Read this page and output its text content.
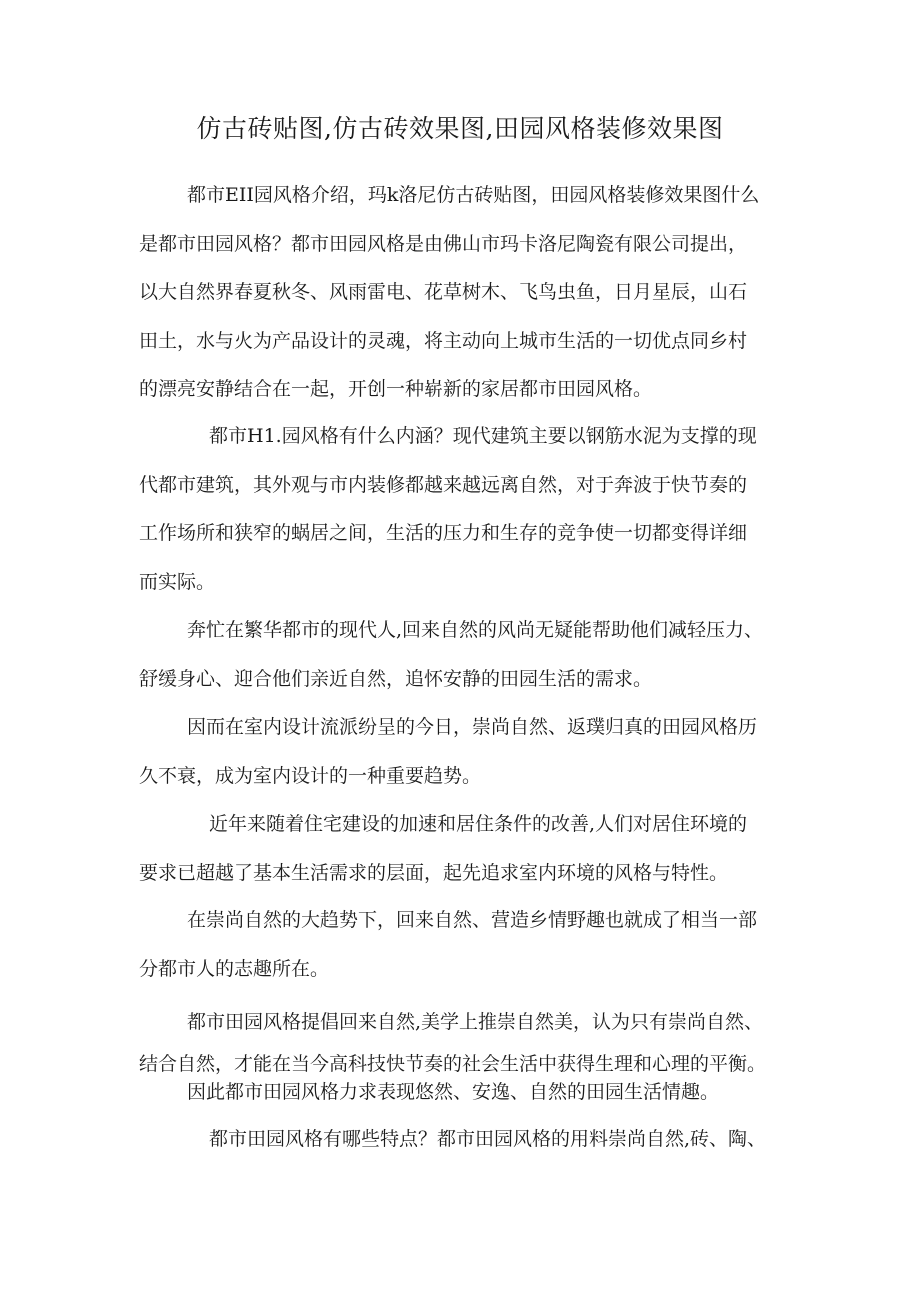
仿古砖贴图,仿古砖效果图,田园风格装修效果图

都市EII园风格介绍，玛k洛尼仿古砖贴图，田园风格装修效果图什么
是都市田园风格？都市田园风格是由佛山市玛卡洛尼陶瓷有限公司提出，
以大自然界春夏秋冬、风雨雷电、花草树木、飞鸟虫鱼，日月星辰，山石
田土，水与火为产品设计的灵魂，将主动向上城市生活的一切优点同乡村
的漂亮安静结合在一起，开创一种崭新的家居都市田园风格。

都市H1.园风格有什么内涵？现代建筑主要以钢筋水泥为支撑的现
代都市建筑，其外观与市内装修都越来越远离自然，对于奔波于快节奏的
工作场所和狭窄的蜗居之间，生活的压力和生存的竞争使一切都变得详细
而实际。

奔忙在繁华都市的现代人,回来自然的风尚无疑能帮助他们减轻压力、
舒缓身心、迎合他们亲近自然，追怀安静的田园生活的需求。

因而在室内设计流派纷呈的今日，崇尚自然、返璞归真的田园风格历
久不衰，成为室内设计的一种重要趋势。

近年来随着住宅建设的加速和居住条件的改善,人们对居住环境的
要求已超越了基本生活需求的层面，起先追求室内环境的风格与特性。

在崇尚自然的大趋势下，回来自然、营造乡情野趣也就成了相当一部
分都市人的志趣所在。

都市田园风格提倡回来自然,美学上推崇自然美，认为只有崇尚自然、
结合自然，才能在当今高科技快节奏的社会生活中获得生理和心理的平衡。

因此都市田园风格力求表现悠然、安逸、自然的田园生活情趣。

都市田园风格有哪些特点？都市田园风格的用料崇尚自然,砖、陶、
